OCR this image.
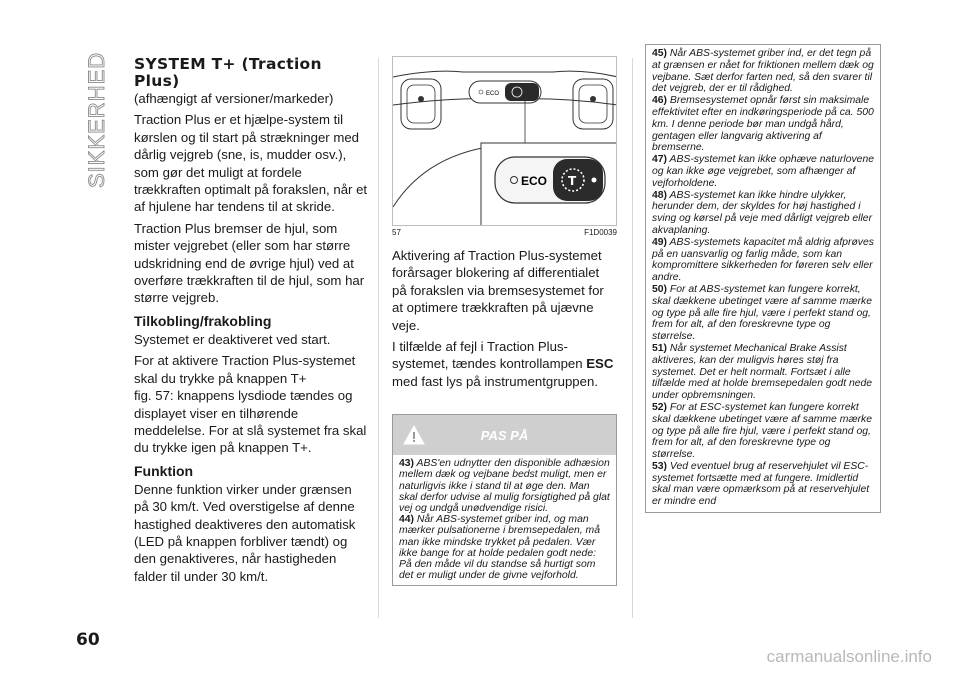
SIKKERHED SYSTEM T+ (Traction Plus)

(afhængigt af versioner/markeder)

Traction Plus er et hjælpe-system til kørslen og til start på strækninger med dårlig vejgreb (sne, is, mudder osv.), som gør det muligt at fordele trækkraften optimalt på forakslen, når et af hjulene har tendens til at skride.

Traction Plus bremser de hjul, som mister vejgrebet (eller som har større udskridning end de øvrige hjul) ved at overføre trækkraften til de hjul, som har større vejgreb.

Tilkobling/frakobling

Systemet er deaktiveret ved start.

For at aktivere Traction Plus-systemet skal du trykke på knappen T+

fig. 57: knappens lysdiode tændes og displayet viser en tilhørende meddelelse. For at slå systemet fra skal du trykke igen på knappen T+.

Funktion

Denne funktion virker under grænsen på 30 km/t. Ved overstigelse af denne hastighed deaktiveres den automatisk (LED på knappen forbliver tændt) og den genaktiveres, når hastigheden falder til under 30 km/t.

ECO
ECO T
57	F1D0039

Aktivering af Traction Plus-systemet forårsager blokering af differentialet på forakslen via bremsesystemet for at optimere trækkraften på ujævne veje.

I tilfælde af fejl i Traction Plus-systemet, tændes kontrollampen ESC med fast lys på instrumentgruppen.

PAS PÅ
43) ABS'en udnytter den disponible adhæsion mellem dæk og vejbane bedst muligt, men er naturligvis ikke i stand til at øge den. Man skal derfor udvise al mulig forsigtighed på glat vej og undgå unødvendige risici.
44) Når ABS-systemet griber ind, og man mærker pulsationerne i bremsepedalen, må man ikke mindske trykket på pedalen. Vær ikke bange for at holde pedalen godt nede: På den måde vil du standse så hurtigt som det er muligt under de givne vejforhold.

45) Når ABS-systemet griber ind, er det tegn på at grænsen er nået for friktionen mellem dæk og vejbane. Sæt derfor farten ned, så den svarer til det vejgreb, der er til rådighed.

46) Bremsesystemet opnår først sin maksimale effektivitet efter en indkøringsperiode på ca. 500 km. I denne periode bør man undgå hård, gentagen eller langvarig aktivering af bremserne.

47) ABS-systemet kan ikke ophæve naturlovene og kan ikke øge vejgrebet, som afhænger af vejforholdene.

48) ABS-systemet kan ikke hindre ulykker, herunder dem, der skyldes for høj hastighed i sving og kørsel på veje med dårligt vejgreb eller akvaplaning.

49) ABS-systemets kapacitet må aldrig afprøves på en uansvarlig og farlig måde, som kan kompromittere sikkerheden for føreren selv eller andre.

50) For at ABS-systemet kan fungere korrekt, skal dækkene ubetinget være af samme mærke og type på alle fire hjul, være i perfekt stand og, frem for alt, af den foreskrevne type og størrelse.

51) Når systemet Mechanical Brake Assist aktiveres, kan der muligvis høres støj fra systemet. Det er helt normalt. Fortsæt i alle tilfælde med at holde bremsepedalen godt nede under opbremsningen.

52) For at ESC-systemet kan fungere korrekt skal dækkene ubetinget være af samme mærke og type på alle fire hjul, være i perfekt stand og, frem for alt, af den foreskrevne type og størrelse.

53) Ved eventuel brug af reservehjulet vil ESC-systemet fortsætte med at fungere. Imidlertid skal man være opmærksom på at reservehjulet er mindre end

60
carmanualsonline.info
